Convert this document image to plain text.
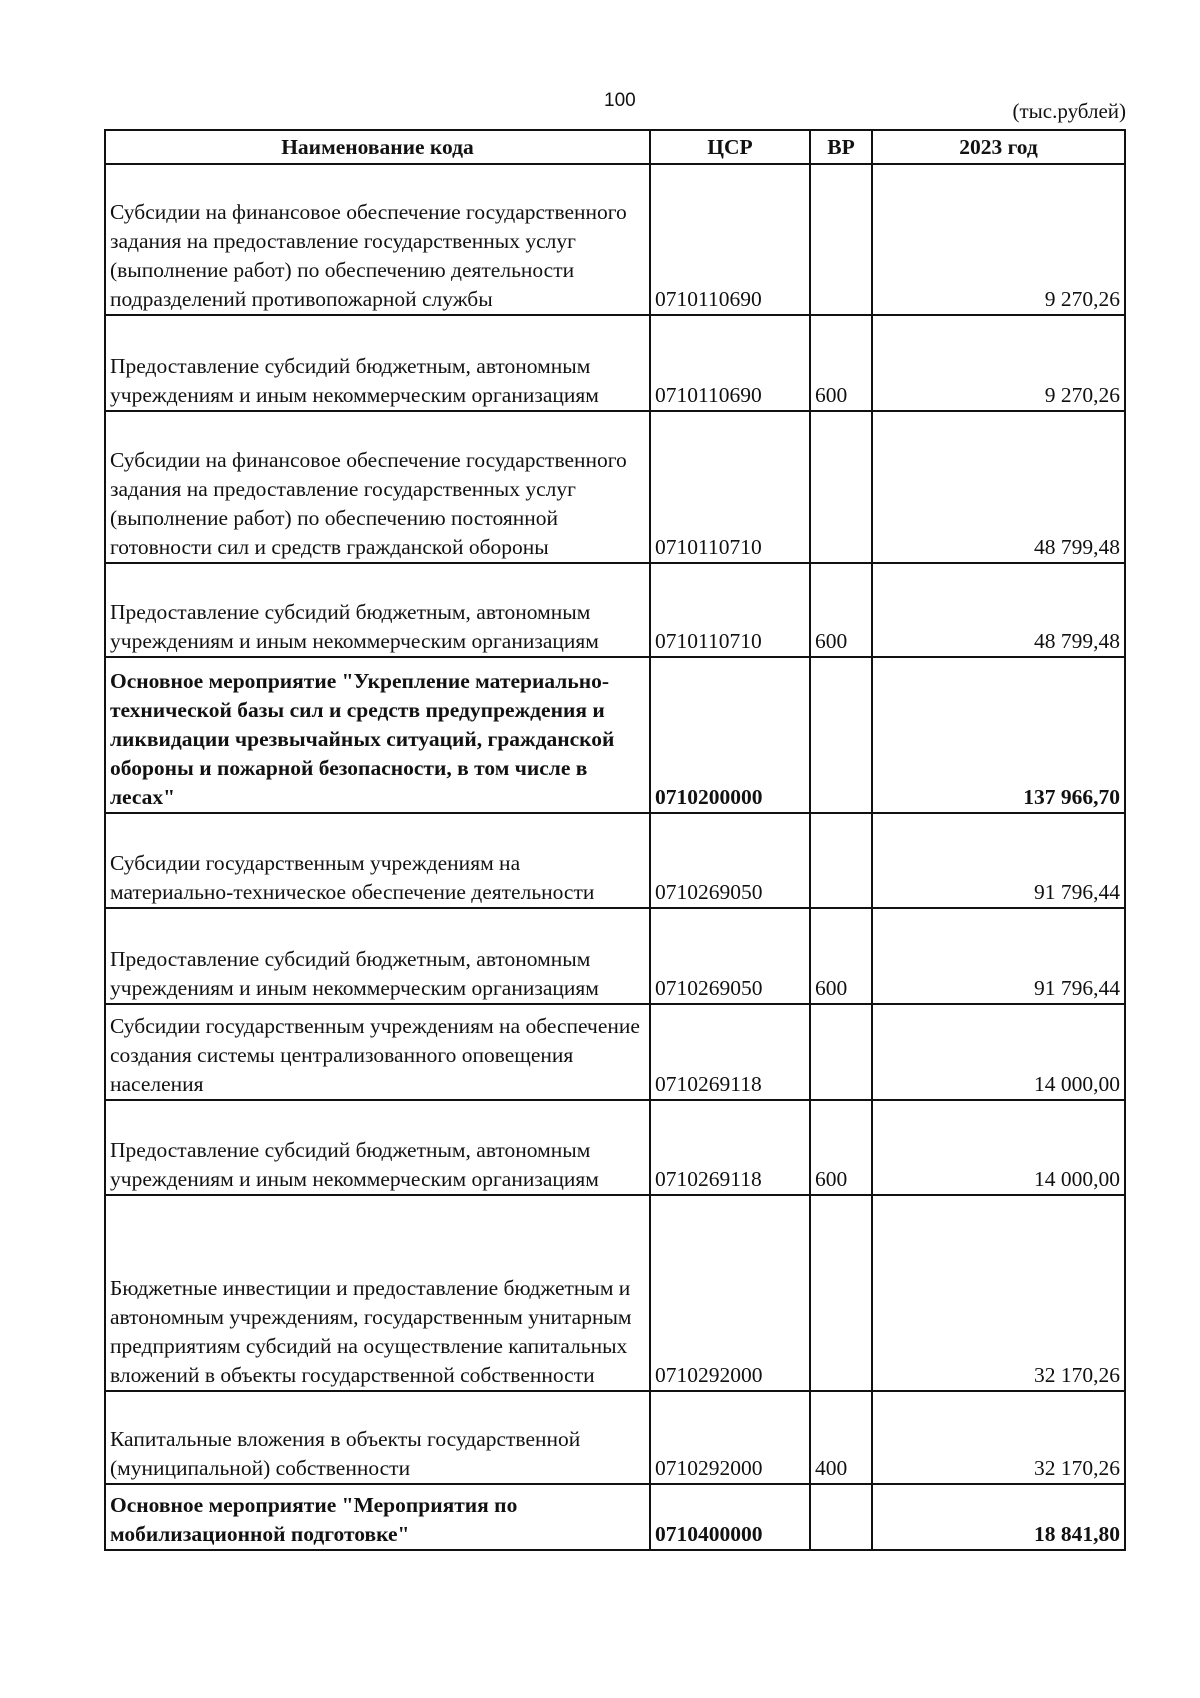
100	(тыс.рублей)
Наименование кода	ЦСР	ВР	2023 год
Субсидии на финансовое обеспечение государственного задания на предоставление государственных услуг (выполнение работ) по обеспечению деятельности подразделений противопожарной службы	0710110690		9 270,26
Предоставление субсидий бюджетным, автономным учреждениям и иным некоммерческим организациям	0710110690	600	9 270,26
Субсидии на финансовое обеспечение государственного задания на предоставление государственных услуг (выполнение работ) по обеспечению постоянной готовности сил и средств гражданской обороны	0710110710		48 799,48
Предоставление субсидий бюджетным, автономным учреждениям и иным некоммерческим организациям	0710110710	600	48 799,48
Основное мероприятие "Укрепление материально-технической базы сил и средств предупреждения и ликвидации чрезвычайных ситуаций, гражданской обороны и пожарной безопасности, в том числе в лесах"	0710200000		137 966,70
Субсидии государственным учреждениям на материально-техническое обеспечение деятельности	0710269050		91 796,44
Предоставление субсидий бюджетным, автономным учреждениям и иным некоммерческим организациям	0710269050	600	91 796,44
Субсидии государственным учреждениям на обеспечение создания системы централизованного оповещения населения	0710269118		14 000,00
Предоставление субсидий бюджетным, автономным учреждениям и иным некоммерческим организациям	0710269118	600	14 000,00
Бюджетные инвестиции и предоставление бюджетным и автономным учреждениям, государственным унитарным предприятиям субсидий на осуществление капитальных вложений в объекты государственной собственности	0710292000		32 170,26
Капитальные вложения в объекты государственной (муниципальной) собственности	0710292000	400	32 170,26
Основное мероприятие "Мероприятия по мобилизационной подготовке"	0710400000		18 841,80
